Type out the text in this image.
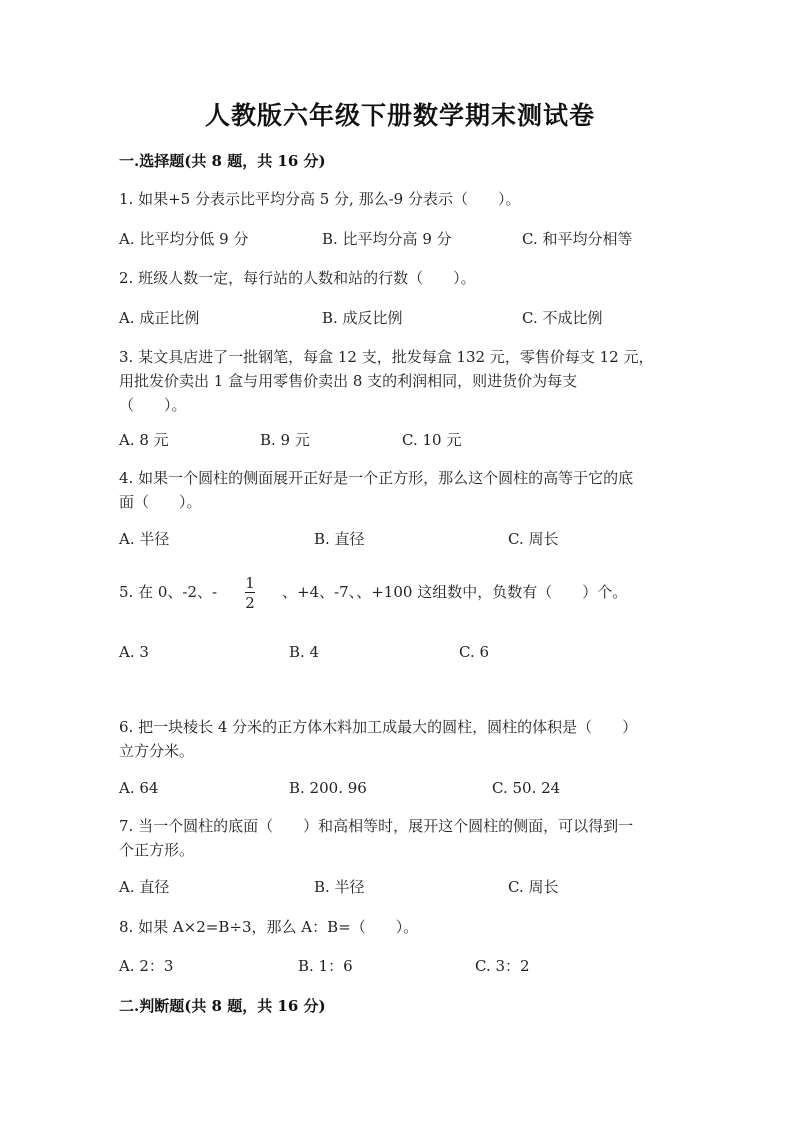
人教版六年级下册数学期末测试卷
一.选择题(共 8 题，共 16 分)
1. 如果+5 分表示比平均分高 5 分, 那么-9 分表示（　　）。
A. 比平均分低 9 分	B. 比平均分高 9 分	C. 和平均分相等
2. 班级人数一定，每行站的人数和站的行数（　　）。
A. 成正比例	B. 成反比例	C. 不成比例
3. 某文具店进了一批钢笔，每盒 12 支，批发每盒 132 元，零售价每支 12 元，
用批发价卖出 1 盒与用零售价卖出 8 支的利润相同，则进货价为每支
（　　）。
A. 8 元	B. 9 元	C. 10 元
4. 如果一个圆柱的侧面展开正好是一个正方形，那么这个圆柱的高等于它的底
面（　　）。
A. 半径	B. 直径	C. 周长
5. 在 0、-2、- 1
2
、+4、-7、、+100 这组数中，负数有（　　）个。
A. 3	B. 4	C. 6
6. 把一块棱长 4 分米的正方体木料加工成最大的圆柱，圆柱的体积是（　　）
立方分米。
A. 64	B. 200. 96	C. 50. 24
7. 当一个圆柱的底面（　　）和高相等时，展开这个圆柱的侧面，可以得到一
个正方形。
A. 直径	B. 半径	C. 周长
8. 如果 A×2=B÷3，那么 A：B=（　　）。
A. 2：3	B. 1：6	C. 3：2
二.判断题(共 8 题，共 16 分)
